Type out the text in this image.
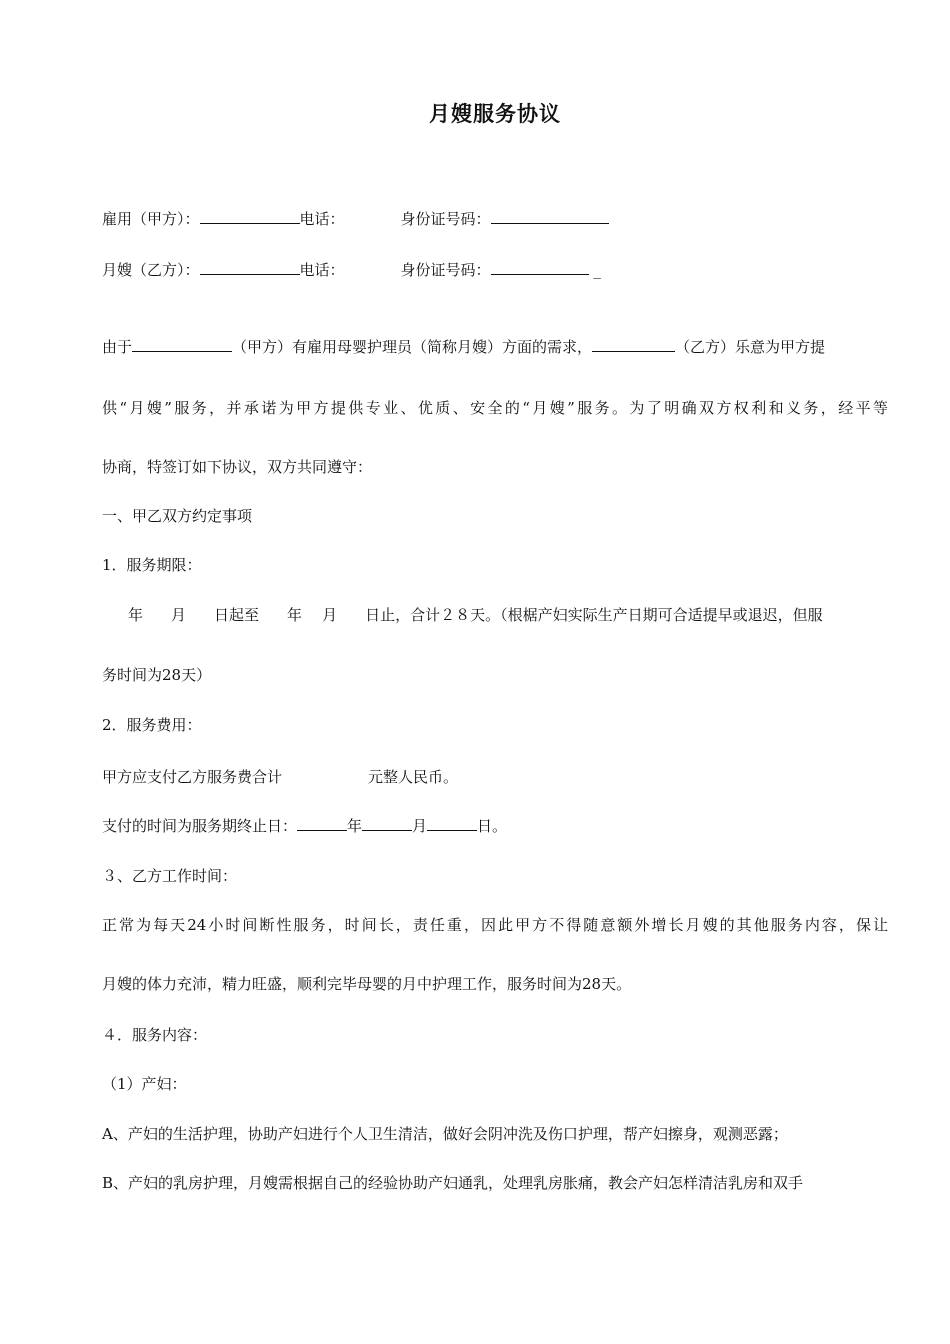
月嫂服务协议
雇用（甲方）：	电话：	身份证号码：
月嫂（乙方）：	电话：	身份证号码：	_
由于	（甲方）有雇用母婴护理员（简称月嫂）方面的需求，	（乙方）乐意为甲方提
供“月嫂”服务，并承诺为甲方提供专业、优质、安全的“月嫂”服务。为了明确双方权利和义务，经平等
协商，特签订如下协议，双方共同遵守：
一、甲乙双方约定事项
1．服务期限：
年 月 日起至 年 月 日止，合计２８天。（根椐产妇实际生产日期可合适提早或退迟，但服
务时间为28天）
2．服务费用：
甲方应支付乙方服务费合计	元整人民币。
支付的时间为服务期终止日：	年	月	日。
３、乙方工作时间：
正常为每天24小时间断性服务，时间长，责任重，因此甲方不得随意额外增长月嫂的其他服务内容，保让
月嫂的体力充沛，精力旺盛，顺利完毕母婴的月中护理工作，服务时间为28天。
４．服务内容：
（1）产妇：
A、产妇的生活护理，协助产妇进行个人卫生清洁，做好会阴冲洗及伤口护理，帮产妇擦身，观测恶露；
B、产妇的乳房护理，月嫂需根据自己的经验协助产妇通乳，处理乳房胀痛，教会产妇怎样清洁乳房和双手
